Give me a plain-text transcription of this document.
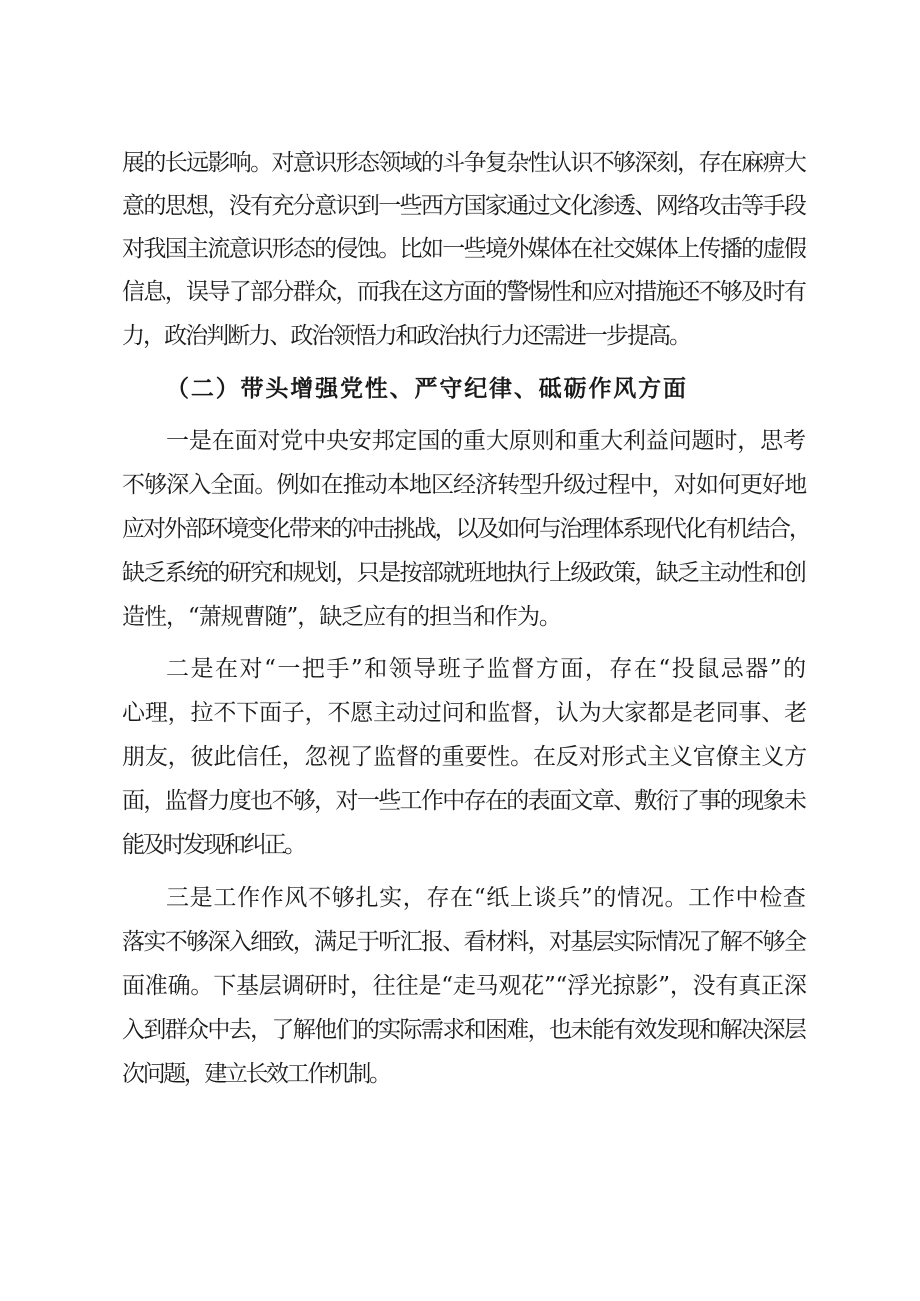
展的长远影响。对意识形态领域的斗争复杂性认识不够深刻，存在麻痹大
意的思想，没有充分意识到一些西方国家通过文化渗透、网络攻击等手段
对我国主流意识形态的侵蚀。比如一些境外媒体在社交媒体上传播的虚假
信息，误导了部分群众，而我在这方面的警惕性和应对措施还不够及时有
力，政治判断力、政治领悟力和政治执行力还需进一步提高。
（二）带头增强党性、严守纪律、砥砺作风方面
一是在面对党中央安邦定国的重大原则和重大利益问题时，思考
不够深入全面。例如在推动本地区经济转型升级过程中，对如何更好地
应对外部环境变化带来的冲击挑战，以及如何与治理体系现代化有机结合，
缺乏系统的研究和规划，只是按部就班地执行上级政策，缺乏主动性和创
造性，“萧规曹随”，缺乏应有的担当和作为。
二是在对“一把手”和领导班子监督方面，存在“投鼠忌器”的
心理，拉不下面子，不愿主动过问和监督，认为大家都是老同事、老
朋友，彼此信任，忽视了监督的重要性。在反对形式主义官僚主义方
面，监督力度也不够，对一些工作中存在的表面文章、敷衍了事的现象未
能及时发现和纠正。
三是工作作风不够扎实，存在“纸上谈兵”的情况。工作中检查
落实不够深入细致，满足于听汇报、看材料，对基层实际情况了解不够全
面准确。下基层调研时，往往是“走马观花”“浮光掠影”，没有真正深
入到群众中去，了解他们的实际需求和困难，也未能有效发现和解决深层
次问题，建立长效工作机制。
